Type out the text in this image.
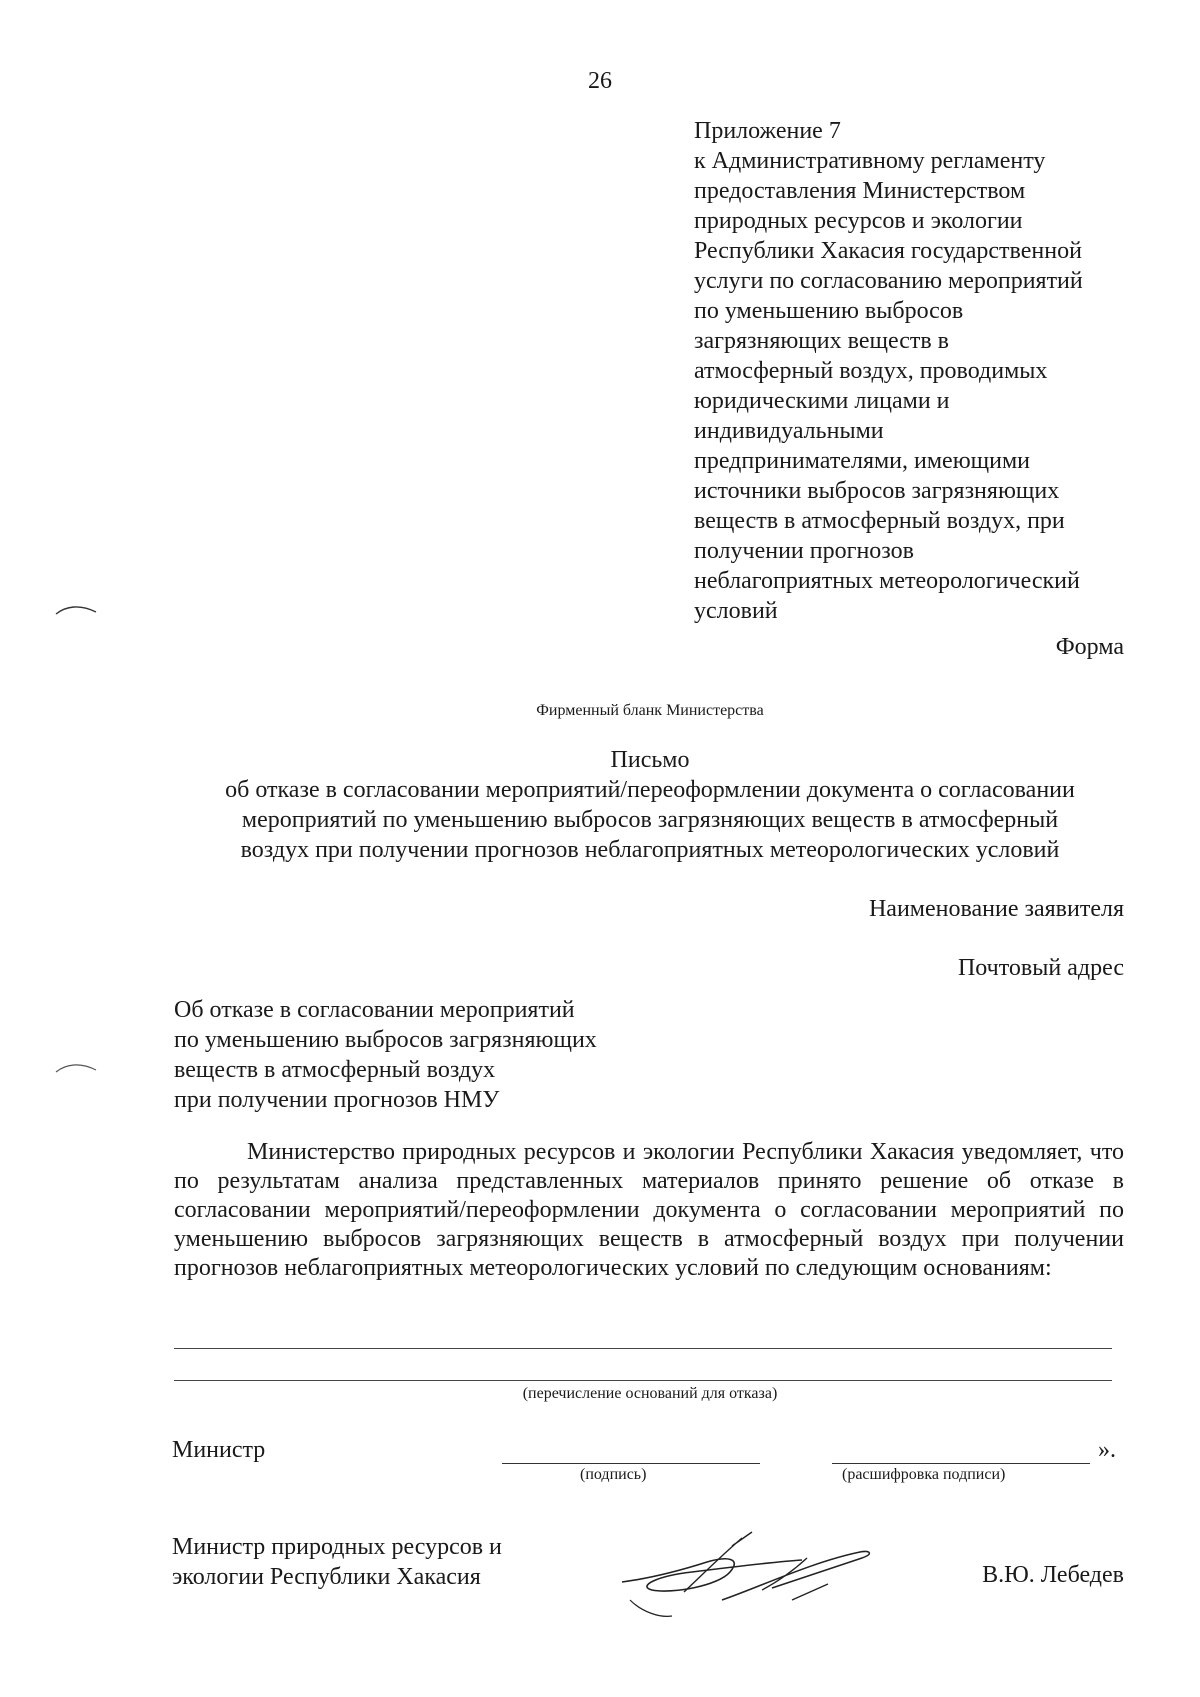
26
Приложение 7
к Административному регламенту
предоставления Министерством
природных ресурсов и экологии
Республики Хакасия государственной
услуги по согласованию мероприятий
по уменьшению выбросов
загрязняющих веществ в
атмосферный воздух, проводимых
юридическими лицами и
индивидуальными
предпринимателями, имеющими
источники выбросов загрязняющих
веществ в атмосферный воздух, при
получении прогнозов
неблагоприятных метеорологический
условий
Форма
Фирменный бланк Министерства
Письмо
об отказе в согласовании мероприятий/переоформлении документа о согласовании
мероприятий по уменьшению выбросов загрязняющих веществ в атмосферный
воздух при получении прогнозов неблагоприятных метеорологических условий
Наименование заявителя
Почтовый адрес
Об отказе в согласовании мероприятий
по уменьшению выбросов загрязняющих
веществ в атмосферный воздух
при получении прогнозов НМУ
Министерство природных ресурсов и экологии Республики Хакасия уведомляет, что по результатам анализа представленных материалов принято решение об отказе в согласовании мероприятий/переоформлении документа о согласовании мероприятий по уменьшению выбросов загрязняющих веществ в атмосферный воздух при получении прогнозов неблагоприятных метеорологических условий по следующим основаниям:
(перечисление оснований для отказа)
Министр	».
(подпись)	(расшифровка подписи)
Министр природных ресурсов и
экологии Республики Хакасия	В.Ю. Лебедев
